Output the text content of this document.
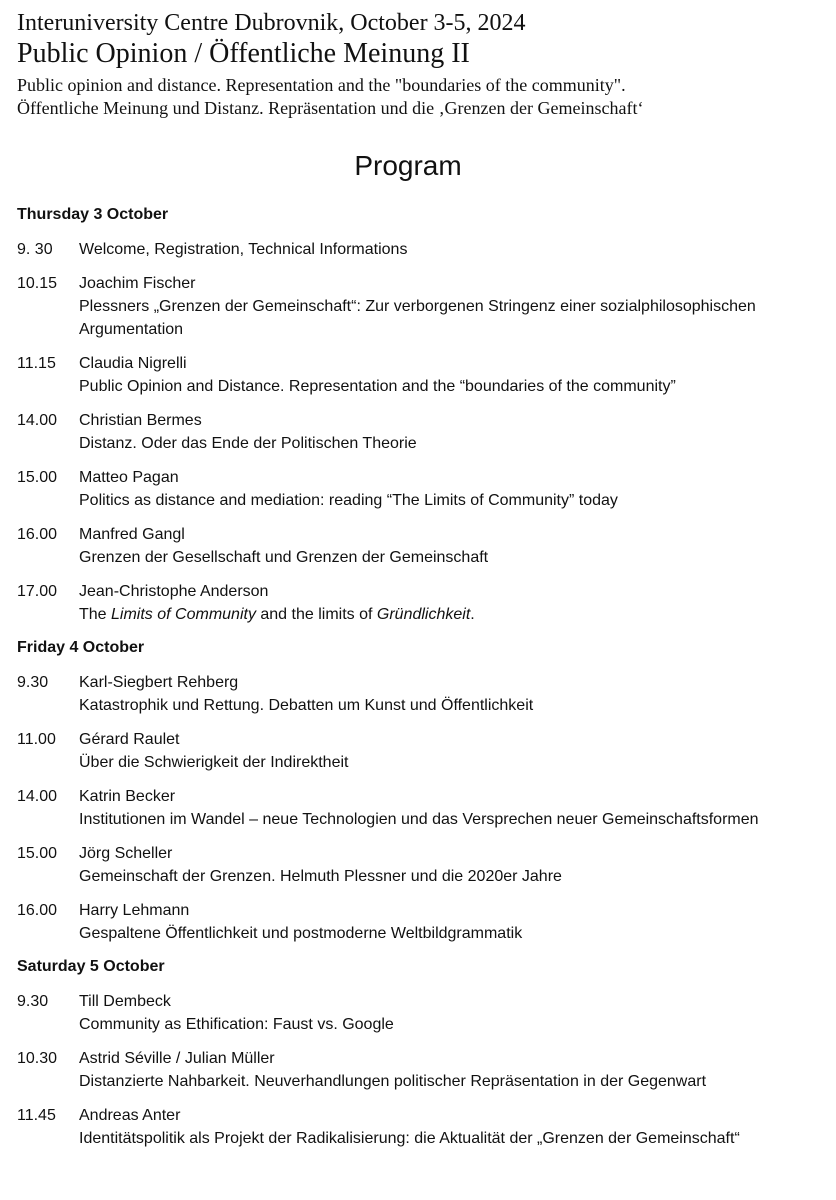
Interuniversity Centre Dubrovnik, October 3-5, 2024

Public Opinion / Öffentliche Meinung II

Public opinion and distance. Representation and the "boundaries of the community".

Öffentliche Meinung und Distanz. Repräsentation und die ‚Grenzen der Gemeinschaft‘

Program
Thursday 3 October
9. 30	Welcome, Registration, Technical Informations
10.15	Joachim Fischer
Plessners „Grenzen der Gemeinschaft“: Zur verborgenen Stringenz einer sozialphilosophischen Argumentation
11.15	Claudia Nigrelli
Public Opinion and Distance. Representation and the “boundaries of the community”
14.00	Christian Bermes
Distanz. Oder das Ende der Politischen Theorie
15.00	Matteo Pagan
Politics as distance and mediation: reading “The Limits of Community” today
16.00	Manfred Gangl
Grenzen der Gesellschaft und Grenzen der Gemeinschaft
17.00	Jean-Christophe Anderson
The Limits of Community and the limits of Gründlichkeit.
Friday 4 October
9.30	Karl-Siegbert Rehberg
Katastrophik und Rettung. Debatten um Kunst und Öffentlichkeit
11.00	Gérard Raulet
Über die Schwierigkeit der Indirektheit
14.00	Katrin Becker
Institutionen im Wandel – neue Technologien und das Versprechen neuer Gemeinschaftsformen
15.00	Jörg Scheller
Gemeinschaft der Grenzen. Helmuth Plessner und die 2020er Jahre
16.00	Harry Lehmann
Gespaltene Öffentlichkeit und postmoderne Weltbildgrammatik
Saturday 5 October
9.30	Till Dembeck
Community as Ethification: Faust vs. Google
10.30	Astrid Séville / Julian Müller
Distanzierte Nahbarkeit. Neuverhandlungen politischer Repräsentation in der Gegenwart
11.45	Andreas Anter
Identitätspolitik als Projekt der Radikalisierung: die Aktualität der „Grenzen der Gemeinschaft“
